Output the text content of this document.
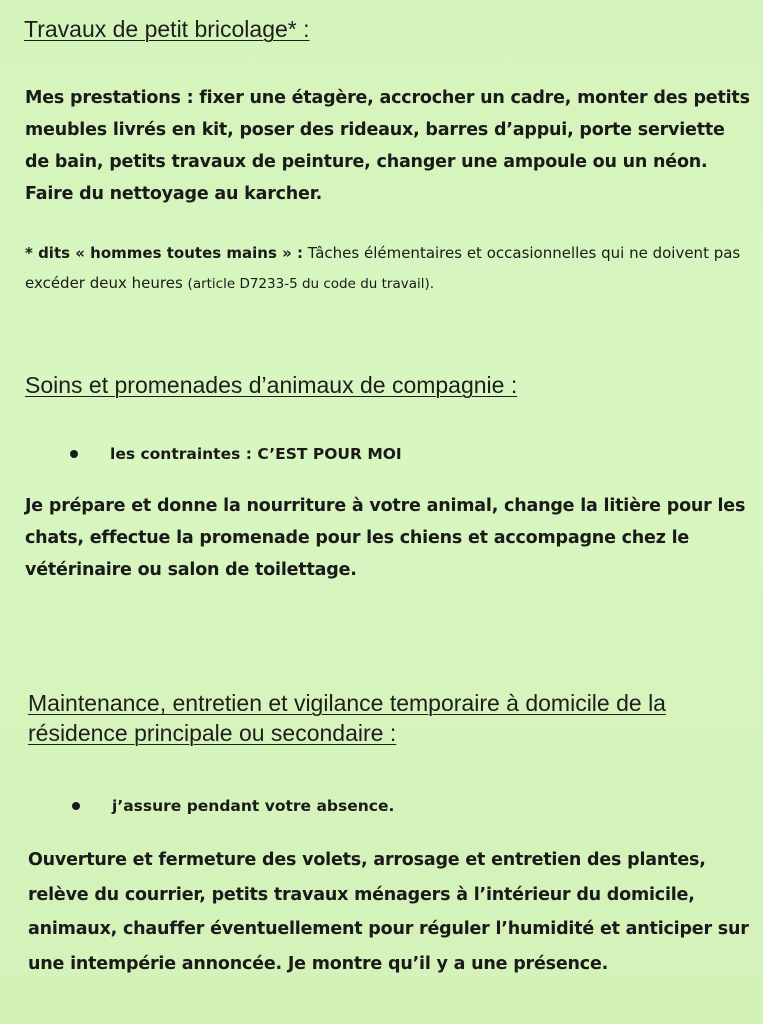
Travaux de petit bricolage* :

Mes prestations : fixer une étagère, accrocher un cadre, monter des petits meubles livrés en kit, poser des rideaux, barres d’appui, porte serviette de bain, petits travaux de peinture, changer une ampoule ou un néon. Faire du nettoyage au karcher.

* dits « hommes toutes mains » : Tâches élémentaires et occasionnelles qui ne doivent pas excéder deux heures (article D7233-5 du code du travail).

Soins et promenades d’animaux de compagnie :
les contraintes : C’EST POUR MOI

Je prépare et donne la nourriture à votre animal, change la litière pour les chats, effectue la promenade pour les chiens et accompagne chez le vétérinaire ou salon de toilettage.

Maintenance, entretien et vigilance temporaire à domicile de la résidence principale ou secondaire :
j’assure pendant votre absence.

Ouverture et fermeture des volets, arrosage et entretien des plantes, relève du courrier, petits travaux ménagers à l’intérieur du domicile, animaux, chauffer éventuellement pour réguler l’humidité et anticiper sur une intempérie annoncée. Je montre qu’il y a une présence.
